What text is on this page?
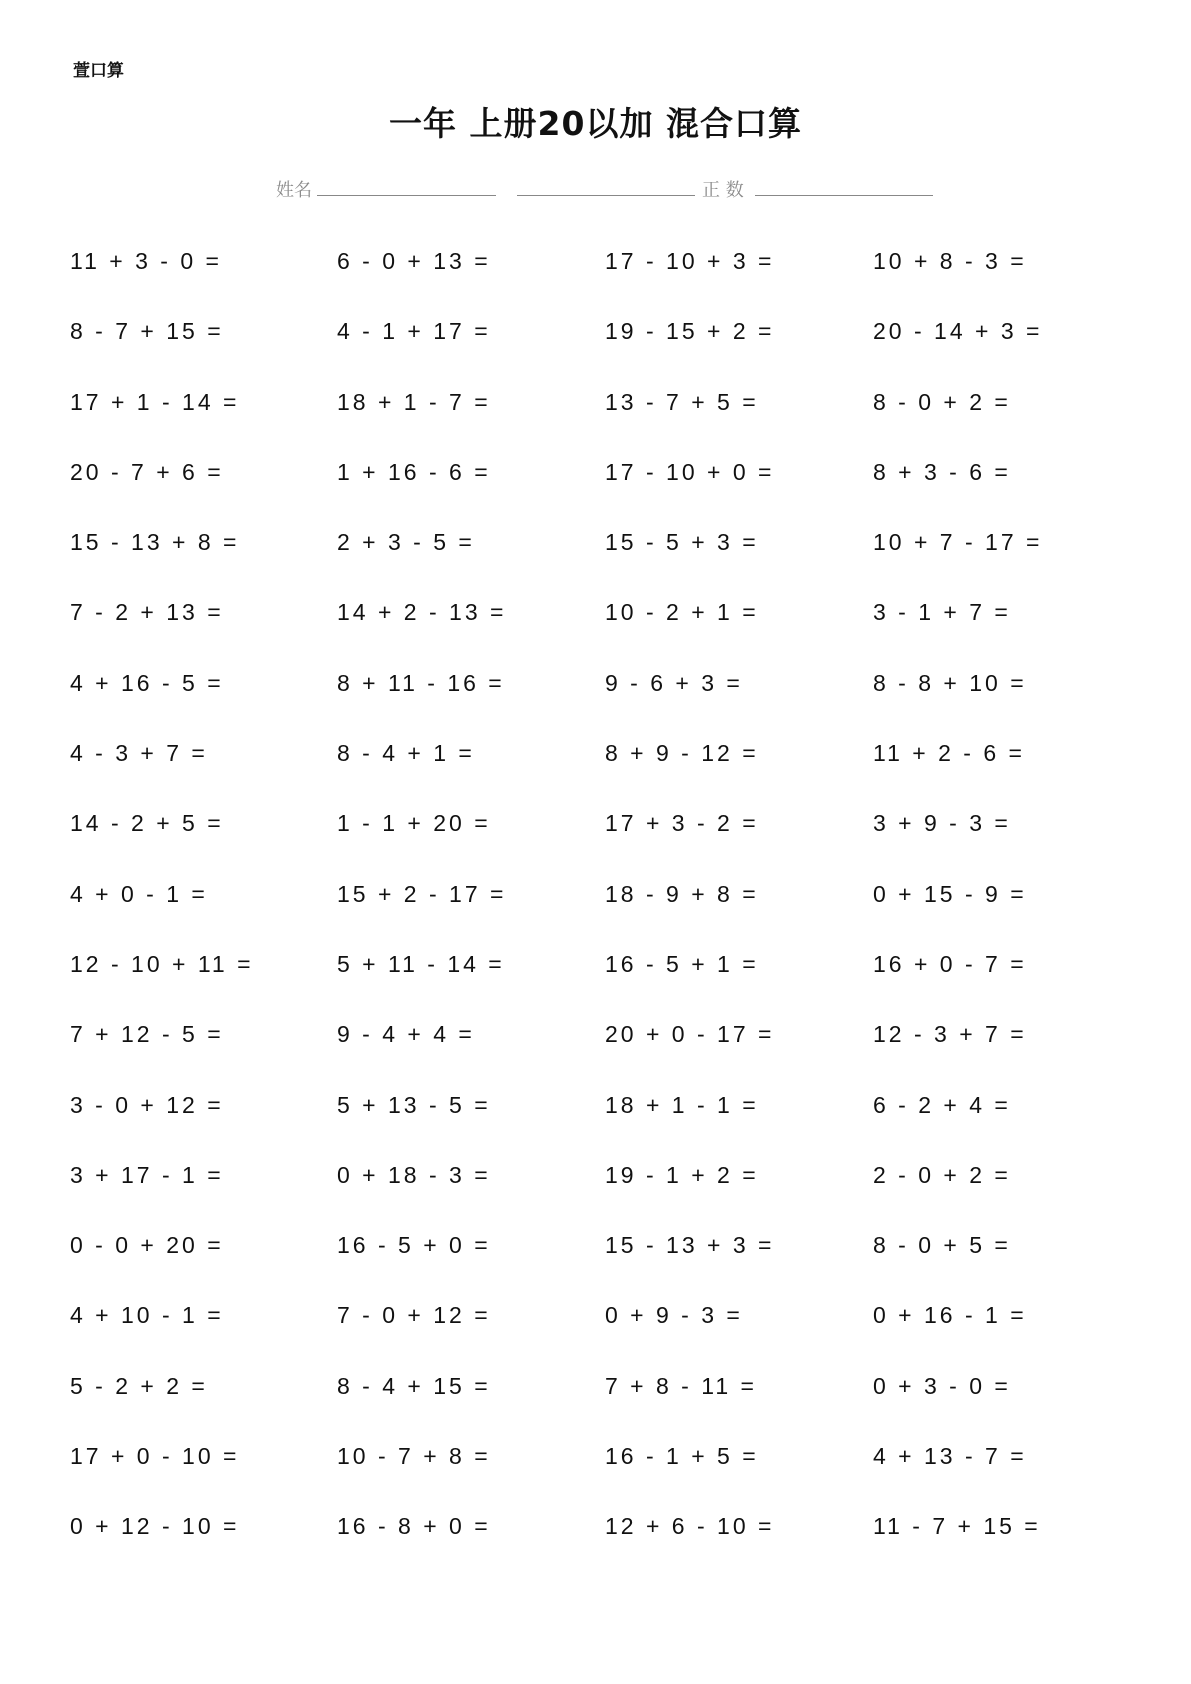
萱口算
一年 上册20以加 混合口算
姓名	正 数
11 + 3 - 0 =	6 - 0 + 13 =	17 - 10 + 3 =	10 + 8 - 3 =
8 - 7 + 15 =	4 - 1 + 17 =	19 - 15 + 2 =	20 - 14 + 3 =
17 + 1 - 14 =	18 + 1 - 7 =	13 - 7 + 5 =	8 - 0 + 2 =
20 - 7 + 6 =	1 + 16 - 6 =	17 - 10 + 0 =	8 + 3 - 6 =
15 - 13 + 8 =	2 + 3 - 5 =	15 - 5 + 3 =	10 + 7 - 17 =
7 - 2 + 13 =	14 + 2 - 13 =	10 - 2 + 1 =	3 - 1 + 7 =
4 + 16 - 5 =	8 + 11 - 16 =	9 - 6 + 3 =	8 - 8 + 10 =
4 - 3 + 7 =	8 - 4 + 1 =	8 + 9 - 12 =	11 + 2 - 6 =
14 - 2 + 5 =	1 - 1 + 20 =	17 + 3 - 2 =	3 + 9 - 3 =
4 + 0 - 1 =	15 + 2 - 17 =	18 - 9 + 8 =	0 + 15 - 9 =
12 - 10 + 11 =	5 + 11 - 14 =	16 - 5 + 1 =	16 + 0 - 7 =
7 + 12 - 5 =	9 - 4 + 4 =	20 + 0 - 17 =	12 - 3 + 7 =
3 - 0 + 12 =	5 + 13 - 5 =	18 + 1 - 1 =	6 - 2 + 4 =
3 + 17 - 1 =	0 + 18 - 3 =	19 - 1 + 2 =	2 - 0 + 2 =
0 - 0 + 20 =	16 - 5 + 0 =	15 - 13 + 3 =	8 - 0 + 5 =
4 + 10 - 1 =	7 - 0 + 12 =	0 + 9 - 3 =	0 + 16 - 1 =
5 - 2 + 2 =	8 - 4 + 15 =	7 + 8 - 11 =	0 + 3 - 0 =
17 + 0 - 10 =	10 - 7 + 8 =	16 - 1 + 5 =	4 + 13 - 7 =
0 + 12 - 10 =	16 - 8 + 0 =	12 + 6 - 10 =	11 - 7 + 15 =
